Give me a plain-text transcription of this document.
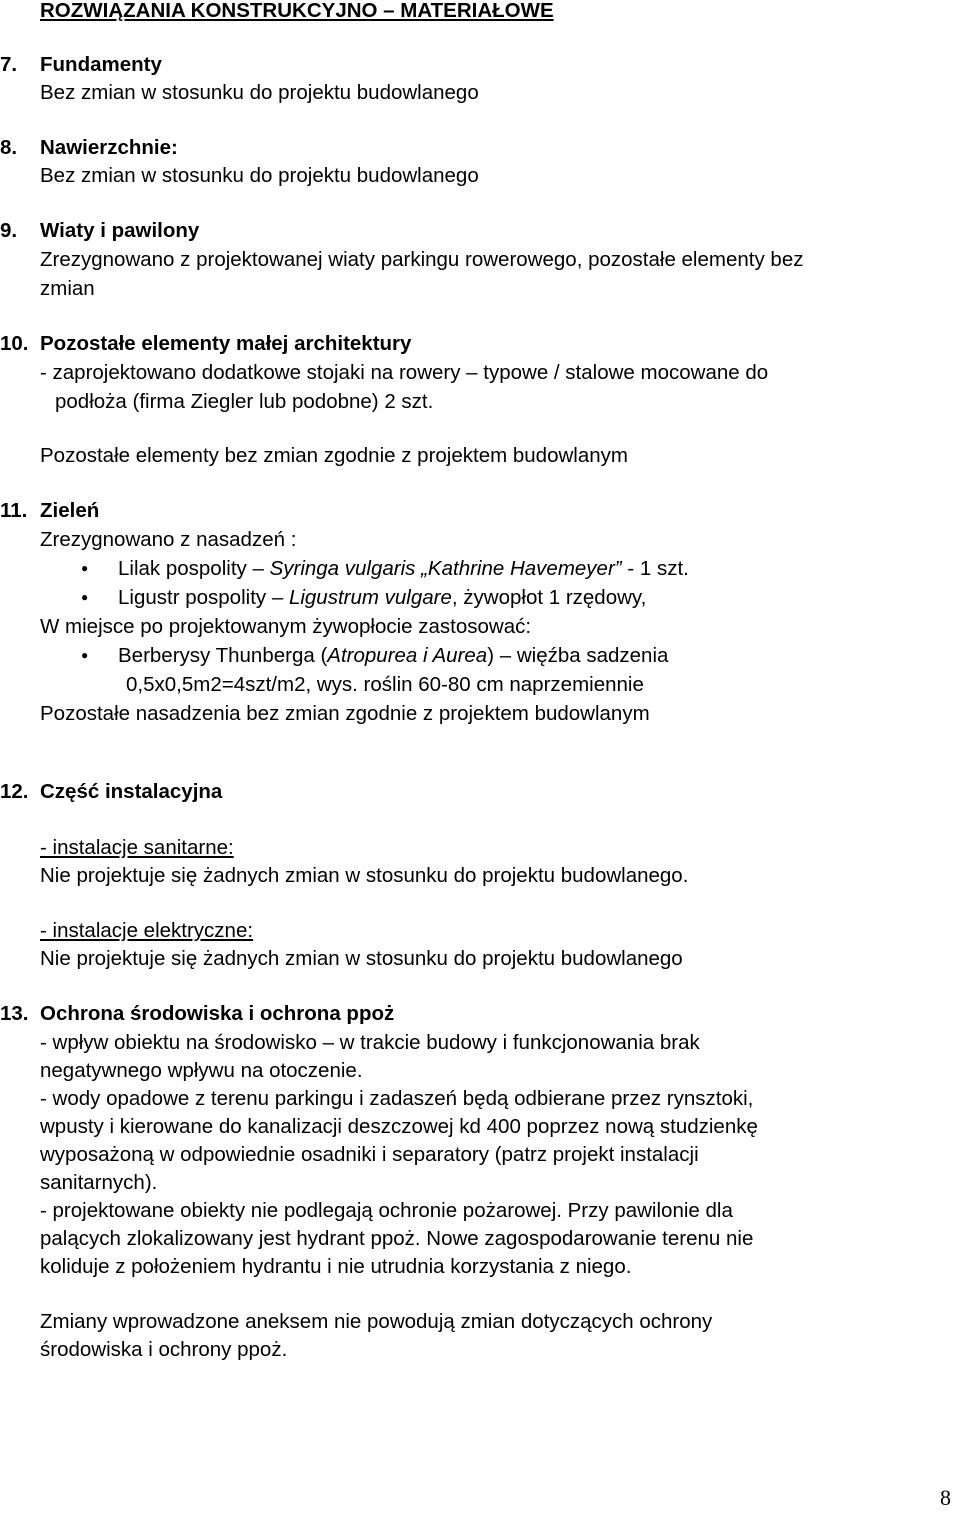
ROZWIĄZANIA KONSTRUKCYJNO – MATERIAŁOWE
7. Fundamenty
Bez zmian w stosunku do projektu budowlanego
8. Nawierzchnie:
Bez zmian w stosunku do projektu budowlanego
9. Wiaty i pawilony
Zrezygnowano z projektowanej wiaty parkingu rowerowego, pozostałe elementy bez
zmian
10. Pozostałe elementy małej architektury
- zaprojektowano dodatkowe stojaki na rowery – typowe / stalowe mocowane do
podłoża (firma Ziegler lub podobne) 2 szt.
Pozostałe elementy bez zmian zgodnie z projektem budowlanym
11. Zieleń
Zrezygnowano z nasadzeń :
●
Lilak pospolity – Syringa vulgaris „Kathrine Havemeyer” - 1 szt.
●
Ligustr pospolity – Ligustrum vulgare, żywopłot 1 rzędowy,
W miejsce po projektowanym żywopłocie zastosować:
●
Berberysy Thunberga (Atropurea i Aurea) – więźba sadzenia
0,5x0,5m2=4szt/m2, wys. roślin 60-80 cm naprzemiennie
Pozostałe nasadzenia bez zmian zgodnie z projektem budowlanym
12. Część instalacyjna
- instalacje sanitarne:
Nie projektuje się żadnych zmian w stosunku do projektu budowlanego.
- instalacje elektryczne:
Nie projektuje się żadnych zmian w stosunku do projektu budowlanego
13. Ochrona środowiska i ochrona ppoż
- wpływ obiektu na środowisko – w trakcie budowy i funkcjonowania brak
negatywnego wpływu na otoczenie.
- wody opadowe z terenu parkingu i zadaszeń będą odbierane przez rynsztoki,
wpusty i kierowane do kanalizacji deszczowej kd 400 poprzez nową studzienkę
wyposażoną w odpowiednie osadniki i separatory (patrz projekt instalacji
sanitarnych).
- projektowane obiekty nie podlegają ochronie pożarowej. Przy pawilonie dla
palących zlokalizowany jest hydrant ppoż. Nowe zagospodarowanie terenu nie
koliduje z położeniem hydrantu i nie utrudnia korzystania z niego.
Zmiany wprowadzone aneksem nie powodują zmian dotyczących ochrony
środowiska i ochrony ppoż.
8
